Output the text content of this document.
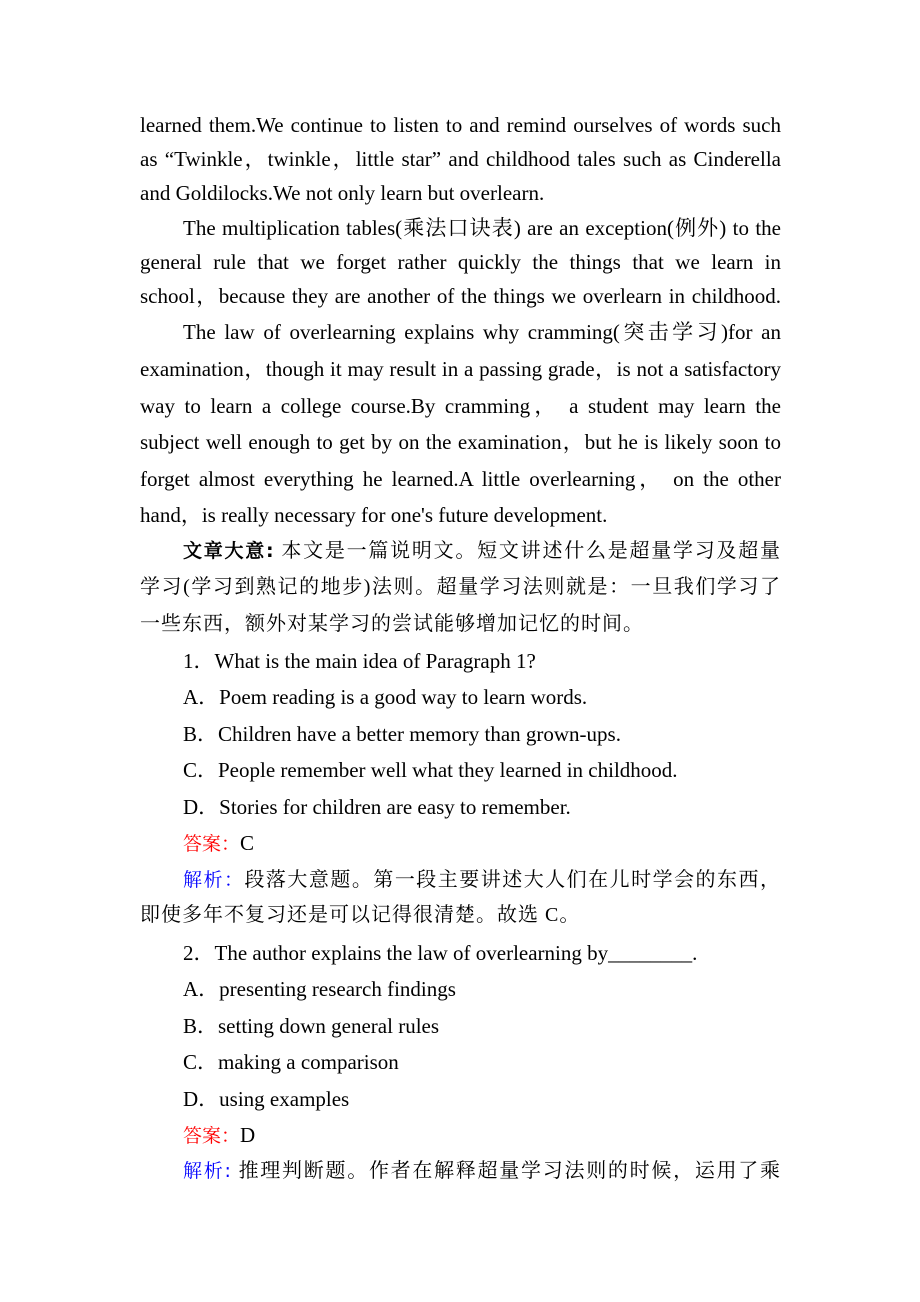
learned them.We continue to listen to and remind ourselves of words such
as “Twinkle，twinkle，little star” and childhood tales such as Cinderella
and Goldilocks.We not only learn but overlearn.
The multiplication tables(乘法口诀表) are an exception(例外) to the
general rule that we forget rather quickly the things that we learn in
school，because they are another of the things we overlearn in childhood.
The law of overlearning explains why cramming(突击学习)for an
examination，though it may result in a passing grade，is not a satisfactory
way to learn a college course.By cramming， a student may learn the
subject well enough to get by on the examination，but he is likely soon to
forget almost everything he learned.A little overlearning， on the other
hand，is really necessary for one's future development.
文章大意: 本文是一篇说明文。短文讲述什么是超量学习及超量
学习(学习到熟记的地步)法则。超量学习法则就是：一旦我们学习了
一些东西，额外对某学习的尝试能够增加记忆的时间。
1．What is the main idea of Paragraph 1?
A．Poem reading is a good way to learn words.
B．Children have a better memory than grown-ups.
C．People remember well what they learned in childhood.
D．Stories for children are easy to remember.
答案：C
解析：段落大意题。第一段主要讲述大人们在儿时学会的东西，
即使多年不复习还是可以记得很清楚。故选 C。
2．The author explains the law of overlearning by________.
A．presenting research findings
B．setting down general rules
C．making a comparison
D．using examples
答案：D
解析: 推理判断题。作者在解释超量学习法则的时候，运用了乘
